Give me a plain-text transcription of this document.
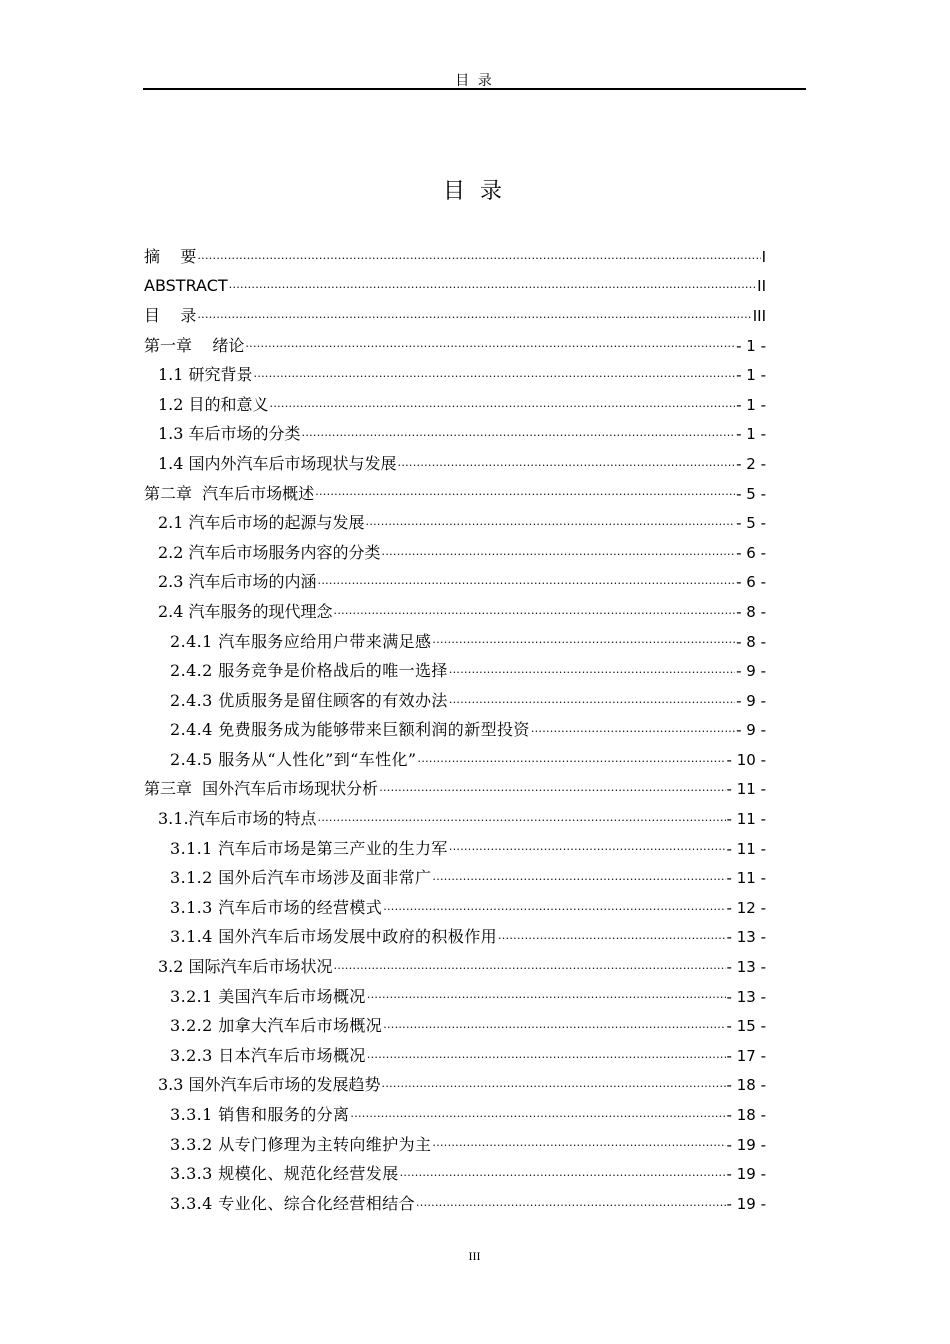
目 录
目 录
摘    要 .....	I
ABSTRACT .....	II
目    录 .....	III
第一章    绪论 .....	- 1 -
1.1 研究背景 .....	- 1 -
1.2 目的和意义 .....	- 1 -
1.3 车后市场的分类 .....	- 1 -
1.4 国内外汽车后市场现状与发展 .....	- 2 -
第二章  汽车后市场概述 .....	- 5 -
2.1 汽车后市场的起源与发展 .....	- 5 -
2.2 汽车后市场服务内容的分类 .....	- 6 -
2.3 汽车后市场的内涵 .....	- 6 -
2.4 汽车服务的现代理念 .....	- 8 -
2.4.1 汽车服务应给用户带来满足感 .....	- 8 -
2.4.2 服务竞争是价格战后的唯一选择 .....	- 9 -
2.4.3 优质服务是留住顾客的有效办法 .....	- 9 -
2.4.4 免费服务成为能够带来巨额利润的新型投资 .....	- 9 -
2.4.5 服务从“人性化”到“车性化” .....	- 10 -
第三章  国外汽车后市场现状分析 .....	- 11 -
3.1.汽车后市场的特点 .....	- 11 -
3.1.1 汽车后市场是第三产业的生力军 .....	- 11 -
3.1.2 国外后汽车市场涉及面非常广 .....	- 11 -
3.1.3 汽车后市场的经营模式 .....	- 12 -
3.1.4 国外汽车后市场发展中政府的积极作用 .....	- 13 -
3.2 国际汽车后市场状况 .....	- 13 -
3.2.1 美国汽车后市场概况 .....	- 13 -
3.2.2 加拿大汽车后市场概况 .....	- 15 -
3.2.3 日本汽车后市场概况 .....	- 17 -
3.3 国外汽车后市场的发展趋势 .....	- 18 -
3.3.1 销售和服务的分离 .....	- 18 -
3.3.2 从专门修理为主转向维护为主 .....	- 19 -
3.3.3 规模化、规范化经营发展 .....	- 19 -
3.3.4 专业化、综合化经营相结合 .....	- 19 -
III
